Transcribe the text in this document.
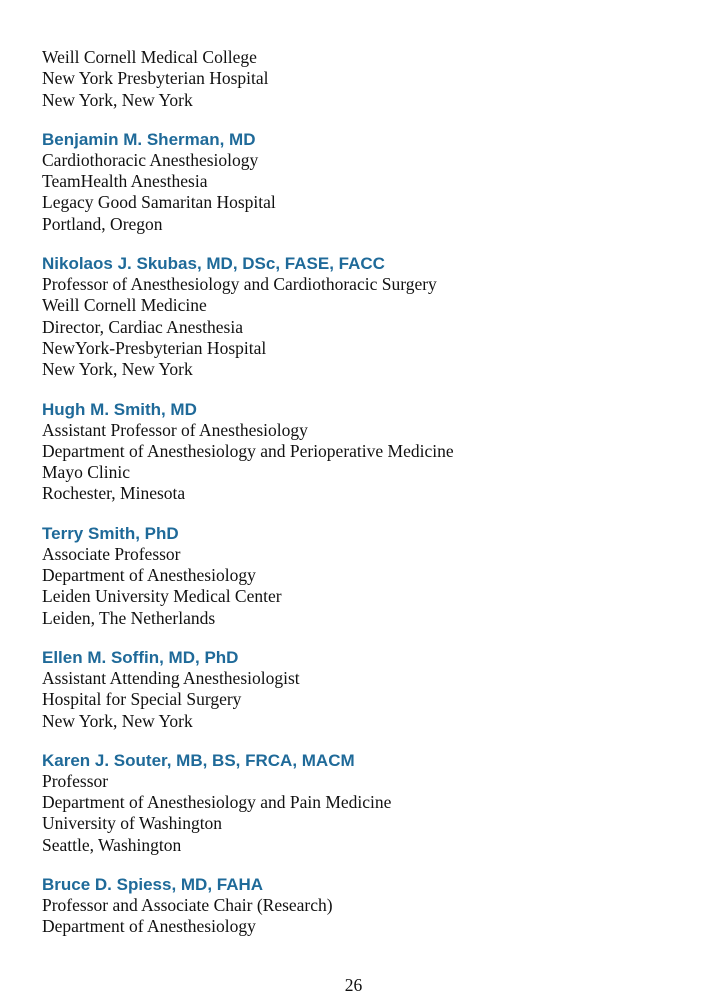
Weill Cornell Medical College
New York Presbyterian Hospital
New York, New York
Benjamin M. Sherman, MD
Cardiothoracic Anesthesiology
TeamHealth Anesthesia
Legacy Good Samaritan Hospital
Portland, Oregon
Nikolaos J. Skubas, MD, DSc, FASE, FACC
Professor of Anesthesiology and Cardiothoracic Surgery
Weill Cornell Medicine
Director, Cardiac Anesthesia
NewYork-Presbyterian Hospital
New York, New York
Hugh M. Smith, MD
Assistant Professor of Anesthesiology
Department of Anesthesiology and Perioperative Medicine
Mayo Clinic
Rochester, Minesota
Terry Smith, PhD
Associate Professor
Department of Anesthesiology
Leiden University Medical Center
Leiden, The Netherlands
Ellen M. Soffin, MD, PhD
Assistant Attending Anesthesiologist
Hospital for Special Surgery
New York, New York
Karen J. Souter, MB, BS, FRCA, MACM
Professor
Department of Anesthesiology and Pain Medicine
University of Washington
Seattle, Washington
Bruce D. Spiess, MD, FAHA
Professor and Associate Chair (Research)
Department of Anesthesiology
26
